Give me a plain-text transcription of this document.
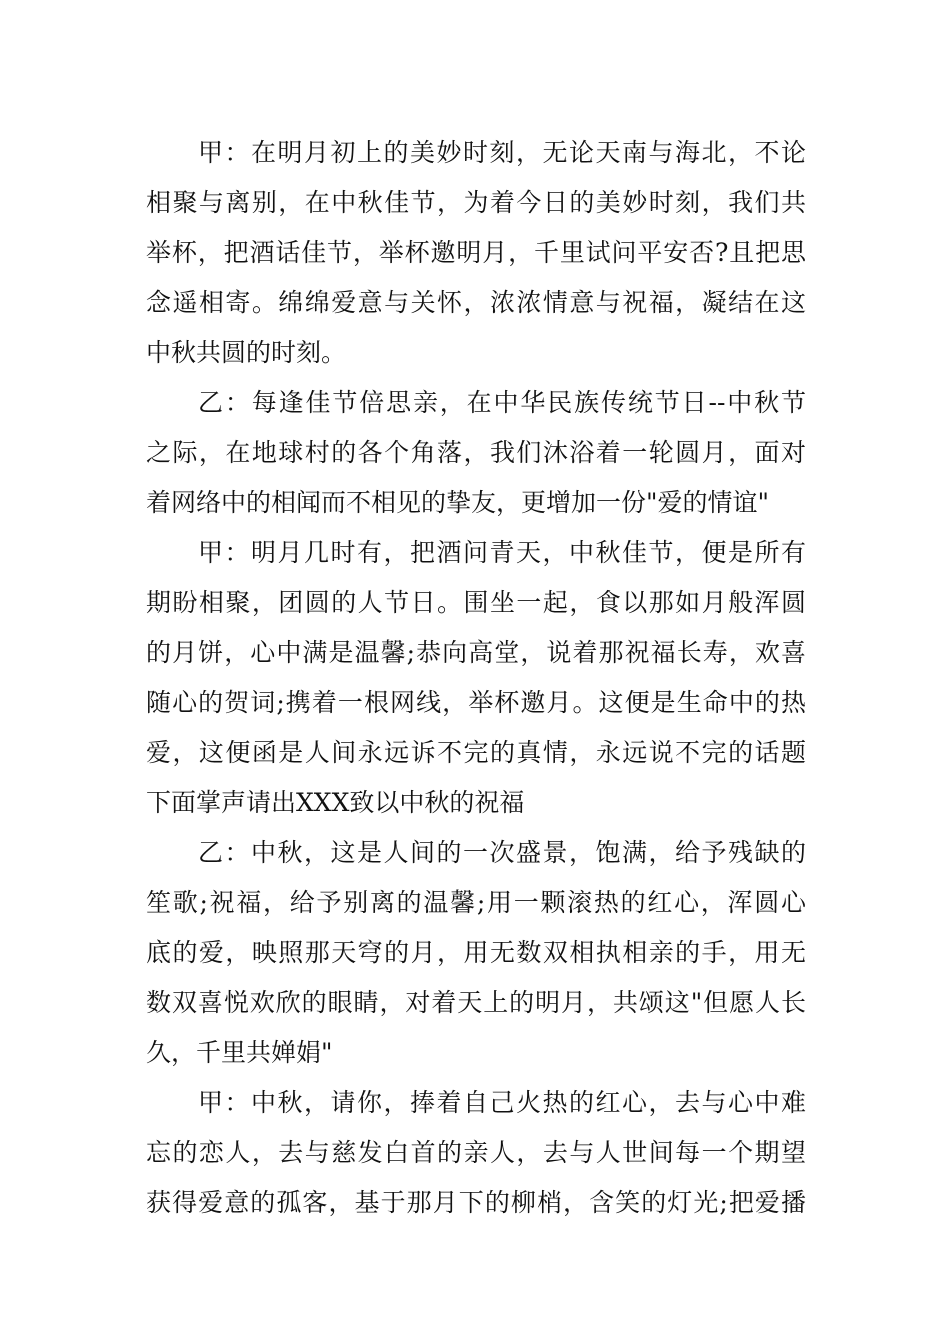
甲：在明月初上的美妙时刻，无论天南与海北，不论
相聚与离别，在中秋佳节，为着今日的美妙时刻，我们共
举杯，把酒话佳节，举杯邀明月，千里试问平安否?且把思
念遥相寄。绵绵爱意与关怀，浓浓情意与祝福，凝结在这
中秋共圆的时刻。
乙：每逢佳节倍思亲，在中华民族传统节日--中秋节
之际，在地球村的各个角落，我们沐浴着一轮圆月，面对
着网络中的相闻而不相见的挚友，更增加一份"爱的情谊"
甲：明月几时有，把酒问青天，中秋佳节，便是所有
期盼相聚，团圆的人节日。围坐一起，食以那如月般浑圆
的月饼，心中满是温馨;恭向高堂，说着那祝福长寿，欢喜
随心的贺词;携着一根网线，举杯邀月。这便是生命中的热
爱，这便函是人间永远诉不完的真情，永远说不完的话题
下面掌声请出XXX致以中秋的祝福
乙：中秋，这是人间的一次盛景，饱满，给予残缺的
笙歌;祝福，给予别离的温馨;用一颗滚热的红心，浑圆心
底的爱，映照那天穹的月，用无数双相执相亲的手，用无
数双喜悦欢欣的眼睛，对着天上的明月，共颂这"但愿人长
久，千里共婵娟"
甲：中秋，请你，捧着自己火热的红心，去与心中难
忘的恋人，去与慈发白首的亲人，去与人世间每一个期望
获得爱意的孤客，基于那月下的柳梢，含笑的灯光;把爱播
